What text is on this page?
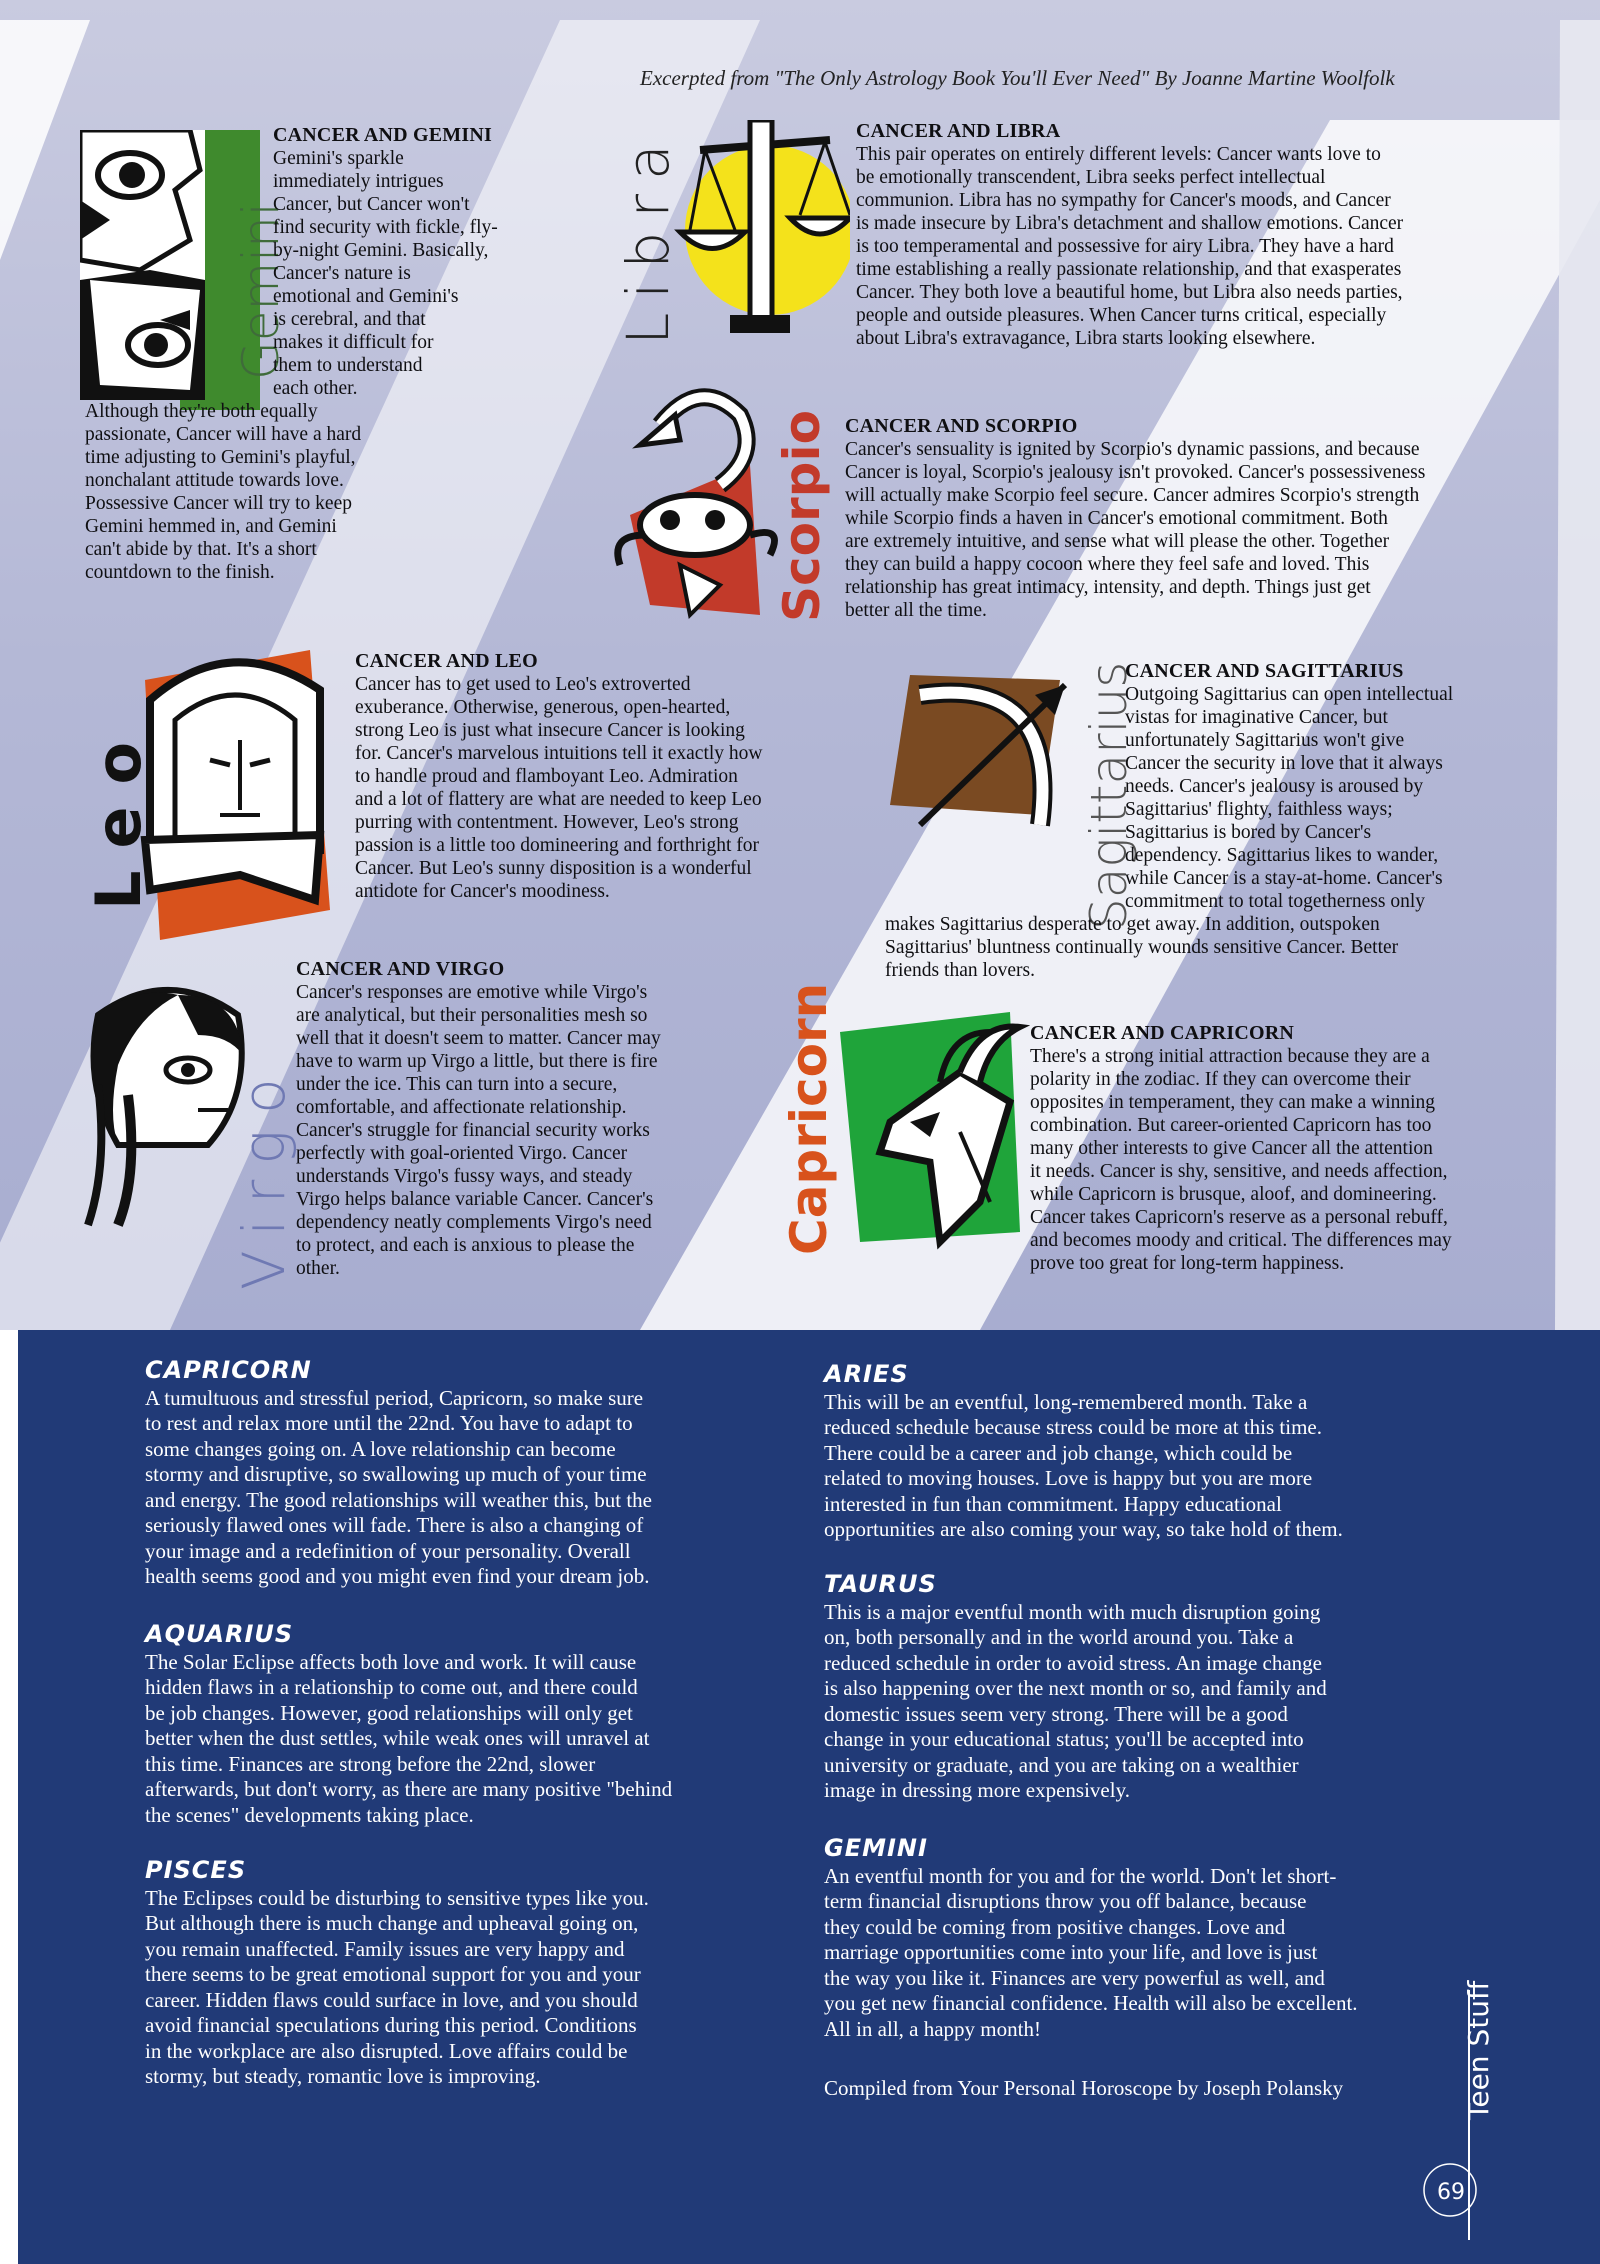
Excerpted from "The Only Astrology Book You'll Ever Need" By Joanne Martine Woolfolk
Gemini
CANCER AND GEMINI

Gemini's sparkle

immediately intrigues

Cancer, but Cancer won't

find security with fickle, fly-

by-night Gemini. Basically,

Cancer's nature is

emotional and Gemini's

is cerebral, and that

makes it difficult for

them to understand

each other.

Although they're both equally

passionate, Cancer will have a hard

time adjusting to Gemini's playful,

nonchalant attitude towards love.

Possessive Cancer will try to keep

Gemini hemmed in, and Gemini

can't abide by that. It's a short

countdown to the finish.

Libra	CANCER AND LIBRA

This pair operates on entirely different levels: Cancer wants love to

be emotionally transcendent, Libra seeks perfect intellectual

communion. Libra has no sympathy for Cancer's moods, and Cancer

is made insecure by Libra's detachment and shallow emotions. Cancer

is too temperamental and possessive for airy Libra. They have a hard

time establishing a really passionate relationship, and that exasperates

Cancer. They both love a beautiful home, but Libra also needs parties,

people and outside pleasures. When Cancer turns critical, especially

about Libra's extravagance, Libra starts looking elsewhere.

Scorpio CANCER AND SCORPIO

Cancer's sensuality is ignited by Scorpio's dynamic passions, and because

Cancer is loyal, Scorpio's jealousy isn't provoked. Cancer's possessiveness

will actually make Scorpio feel secure. Cancer admires Scorpio's strength

while Scorpio finds a haven in Cancer's emotional commitment. Both

are extremely intuitive, and sense what will please the other. Together

they can build a happy cocoon where they feel safe and loved. This

relationship has great intimacy, intensity, and depth. Things just get

better all the time.

Leo
CANCER AND LEO

Cancer has to get used to Leo's extroverted

exuberance. Otherwise, generous, open-hearted,

strong Leo is just what insecure Cancer is looking

for. Cancer's marvelous intuitions tell it exactly how

to handle proud and flamboyant Leo. Admiration

and a lot of flattery are what are needed to keep Leo

purring with contentment. However, Leo's strong

passion is a little too domineering and forthright for

Cancer. But Leo's sunny disposition is a wonderful

antidote for Cancer's moodiness.	Sagittarius
CANCER AND SAGITTARIUS

Outgoing Sagittarius can open intellectual

vistas for imaginative Cancer, but

unfortunately Sagittarius won't give

Cancer the security in love that it always

needs. Cancer's jealousy is aroused by

Sagittarius' flighty, faithless ways;

Sagittarius is bored by Cancer's

dependency. Sagittarius likes to wander,

while Cancer is a stay-at-home. Cancer's

commitment to total togetherness only

makes Sagittarius desperate to get away. In addition, outspoken

Sagittarius' bluntness continually wounds sensitive Cancer. Better

friends than lovers.

Virgo
CANCER AND VIRGO

Cancer's responses are emotive while Virgo's

are analytical, but their personalities mesh so

well that it doesn't seem to matter. Cancer may

have to warm up Virgo a little, but there is fire

under the ice. This can turn into a secure,

comfortable, and affectionate relationship.

Cancer's struggle for financial security works

perfectly with goal-oriented Virgo. Cancer

understands Virgo's fussy ways, and steady

Virgo helps balance variable Cancer. Cancer's

dependency neatly complements Virgo's need

to protect, and each is anxious to please the

other.

Capricorn	CANCER AND CAPRICORN

There's a strong initial attraction because they are a

polarity in the zodiac. If they can overcome their

opposites in temperament, they can make a winning

combination. But career-oriented Capricorn has too

many other interests to give Cancer all the attention

it needs. Cancer is shy, sensitive, and needs affection,

while Capricorn is brusque, aloof, and domineering.

Cancer takes Capricorn's reserve as a personal rebuff,

and becomes moody and critical. The differences may

prove too great for long-term happiness.

CAPRICORN

A tumultuous and stressful period, Capricorn, so make sure

to rest and relax more until the 22nd. You have to adapt to

some changes going on. A love relationship can become

stormy and disruptive, so swallowing up much of your time

and energy. The good relationships will weather this, but the

seriously flawed ones will fade. There is also a changing of

your image and a redefinition of your personality. Overall

health seems good and you might even find your dream job.

AQUARIUS

The Solar Eclipse affects both love and work. It will cause

hidden flaws in a relationship to come out, and there could

be job changes. However, good relationships will only get

better when the dust settles, while weak ones will unravel at

this time. Finances are strong before the 22nd, slower

afterwards, but don't worry, as there are many positive "behind

the scenes" developments taking place.

PISCES

The Eclipses could be disturbing to sensitive types like you.

But although there is much change and upheaval going on,

you remain unaffected. Family issues are very happy and

there seems to be great emotional support for you and your

career. Hidden flaws could surface in love, and you should

avoid financial speculations during this period. Conditions

in the workplace are also disrupted. Love affairs could be

stormy, but steady, romantic love is improving.

ARIES

This will be an eventful, long-remembered month. Take a

reduced schedule because stress could be more at this time.

There could be a career and job change, which could be

related to moving houses. Love is happy but you are more

interested in fun than commitment. Happy educational

opportunities are also coming your way, so take hold of them.

TAURUS

This is a major eventful month with much disruption going

on, both personally and in the world around you. Take a

reduced schedule in order to avoid stress. An image change

is also happening over the next month or so, and family and

domestic issues seem very strong. There will be a good

change in your educational status; you'll be accepted into

university or graduate, and you are taking on a wealthier

image in dressing more expensively.

GEMINI

An eventful month for you and for the world. Don't let short-

term financial disruptions throw you off balance, because

they could be coming from positive changes. Love and

marriage opportunities come into your life, and love is just

the way you like it. Finances are very powerful as well, and

you get new financial confidence. Health will also be excellent.

All in all, a happy month!

Compiled from Your Personal Horoscope by Joseph Polansky	Teen Stuff
69
